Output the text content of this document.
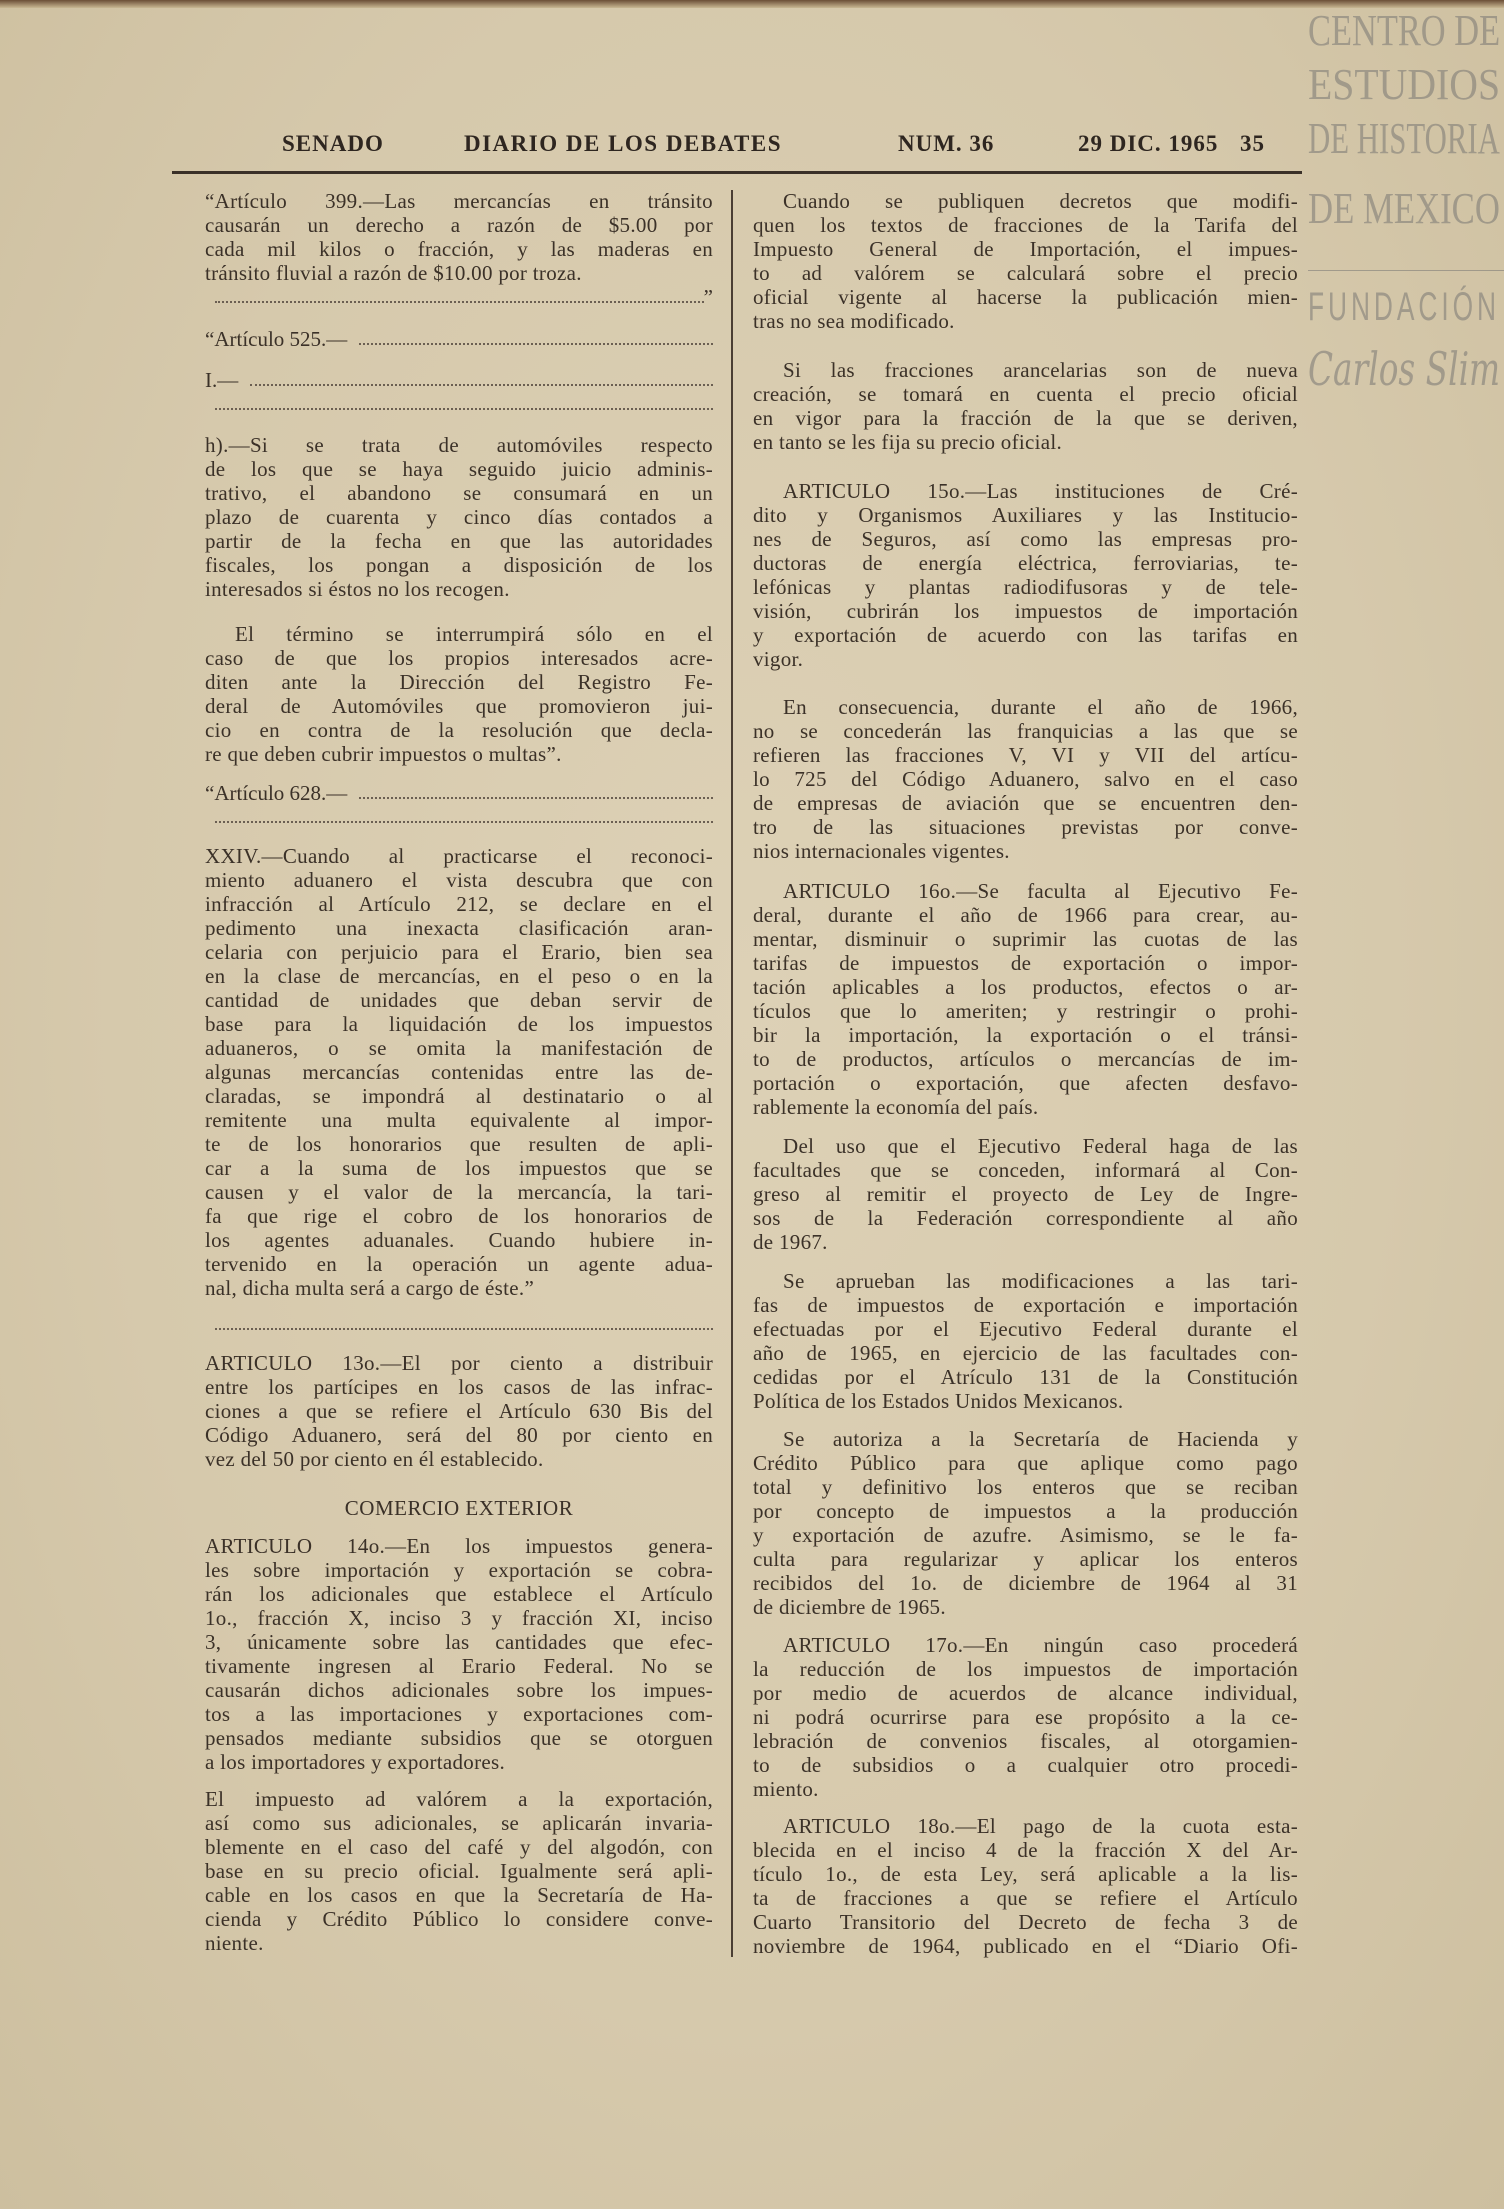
SENADO	DIARIO DE LOS DEBATES	NUM. 36	29 DIC. 1965 35
“Artículo 399.—Las mercancías en tránsito
causarán un derecho a razón de $5.00 por
cada mil kilos o fracción, y las maderas en
tránsito fluvial a razón de $10.00 por troza.
”
“Artículo 525.—
I.—
h).—Si se trata de automóviles respecto
de los que se haya seguido juicio adminis-
trativo, el abandono se consumará en un
plazo de cuarenta y cinco días contados a
partir de la fecha en que las autoridades
fiscales, los pongan a disposición de los
interesados si éstos no los recogen.
El término se interrumpirá sólo en el
caso de que los propios interesados acre-
diten ante la Dirección del Registro Fe-
deral de Automóviles que promovieron jui-
cio en contra de la resolución que decla-
re que deben cubrir impuestos o multas”.
“Artículo 628.—
XXIV.—Cuando al practicarse el reconoci-
miento aduanero el vista descubra que con
infracción al Artículo 212, se declare en el
pedimento una inexacta clasificación aran-
celaria con perjuicio para el Erario, bien sea
en la clase de mercancías, en el peso o en la
cantidad de unidades que deban servir de
base para la liquidación de los impuestos
aduaneros, o se omita la manifestación de
algunas mercancías contenidas entre las de-
claradas, se impondrá al destinatario o al
remitente una multa equivalente al impor-
te de los honorarios que resulten de apli-
car a la suma de los impuestos que se
causen y el valor de la mercancía, la tari-
fa que rige el cobro de los honorarios de
los agentes aduanales. Cuando hubiere in-
tervenido en la operación un agente adua-
nal, dicha multa será a cargo de éste.”
ARTICULO 13o.—El por ciento a distribuir
entre los partícipes en los casos de las infrac-
ciones a que se refiere el Artículo 630 Bis del
Código Aduanero, será del 80 por ciento en
vez del 50 por ciento en él establecido.
COMERCIO EXTERIOR
ARTICULO 14o.—En los impuestos genera-
les sobre importación y exportación se cobra-
rán los adicionales que establece el Artículo
1o., fracción X, inciso 3 y fracción XI, inciso
3, únicamente sobre las cantidades que efec-
tivamente ingresen al Erario Federal. No se
causarán dichos adicionales sobre los impues-
tos a las importaciones y exportaciones com-
pensados mediante subsidios que se otorguen
a los importadores y exportadores.
El impuesto ad valórem a la exportación,
así como sus adicionales, se aplicarán invaria-
blemente en el caso del café y del algodón, con
base en su precio oficial. Igualmente será apli-
cable en los casos en que la Secretaría de Ha-
cienda y Crédito Público lo considere conve-
niente.
Cuando se publiquen decretos que modifi-
quen los textos de fracciones de la Tarifa del
Impuesto General de Importación, el impues-
to ad valórem se calculará sobre el precio
oficial vigente al hacerse la publicación mien-
tras no sea modificado.
Si las fracciones arancelarias son de nueva
creación, se tomará en cuenta el precio oficial
en vigor para la fracción de la que se deriven,
en tanto se les fija su precio oficial.
ARTICULO 15o.—Las instituciones de Cré-
dito y Organismos Auxiliares y las Institucio-
nes de Seguros, así como las empresas pro-
ductoras de energía eléctrica, ferroviarias, te-
lefónicas y plantas radiodifusoras y de tele-
visión, cubrirán los impuestos de importación
y exportación de acuerdo con las tarifas en
vigor.
En consecuencia, durante el año de 1966,
no se concederán las franquicias a las que se
refieren las fracciones V, VI y VII del artícu-
lo 725 del Código Aduanero, salvo en el caso
de empresas de aviación que se encuentren den-
tro de las situaciones previstas por conve-
nios internacionales vigentes.
ARTICULO 16o.—Se faculta al Ejecutivo Fe-
deral, durante el año de 1966 para crear, au-
mentar, disminuir o suprimir las cuotas de las
tarifas de impuestos de exportación o impor-
tación aplicables a los productos, efectos o ar-
tículos que lo ameriten; y restringir o prohi-
bir la importación, la exportación o el tránsi-
to de productos, artículos o mercancías de im-
portación o exportación, que afecten desfavo-
rablemente la economía del país.
Del uso que el Ejecutivo Federal haga de las
facultades que se conceden, informará al Con-
greso al remitir el proyecto de Ley de Ingre-
sos de la Federación correspondiente al año
de 1967.
Se aprueban las modificaciones a las tari-
fas de impuestos de exportación e importación
efectuadas por el Ejecutivo Federal durante el
año de 1965, en ejercicio de las facultades con-
cedidas por el Atrículo 131 de la Constitución
Política de los Estados Unidos Mexicanos.
Se autoriza a la Secretaría de Hacienda y
Crédito Público para que aplique como pago
total y definitivo los enteros que se reciban
por concepto de impuestos a la producción
y exportación de azufre. Asimismo, se le fa-
culta para regularizar y aplicar los enteros
recibidos del 1o. de diciembre de 1964 al 31
de diciembre de 1965.
ARTICULO 17o.—En ningún caso procederá
la reducción de los impuestos de importación
por medio de acuerdos de alcance individual,
ni podrá ocurrirse para ese propósito a la ce-
lebración de convenios fiscales, al otorgamien-
to de subsidios o a cualquier otro procedi-
miento.
ARTICULO 18o.—El pago de la cuota esta-
blecida en el inciso 4 de la fracción X del Ar-
tículo 1o., de esta Ley, será aplicable a la lis-
ta de fracciones a que se refiere el Artículo
Cuarto Transitorio del Decreto de fecha 3 de
noviembre de 1964, publicado en el “Diario Ofi-
CENTRO DE
ESTUDIOS
DE HISTORIA
DE MEXICO
FUNDACIÓN
Carlos Slim
